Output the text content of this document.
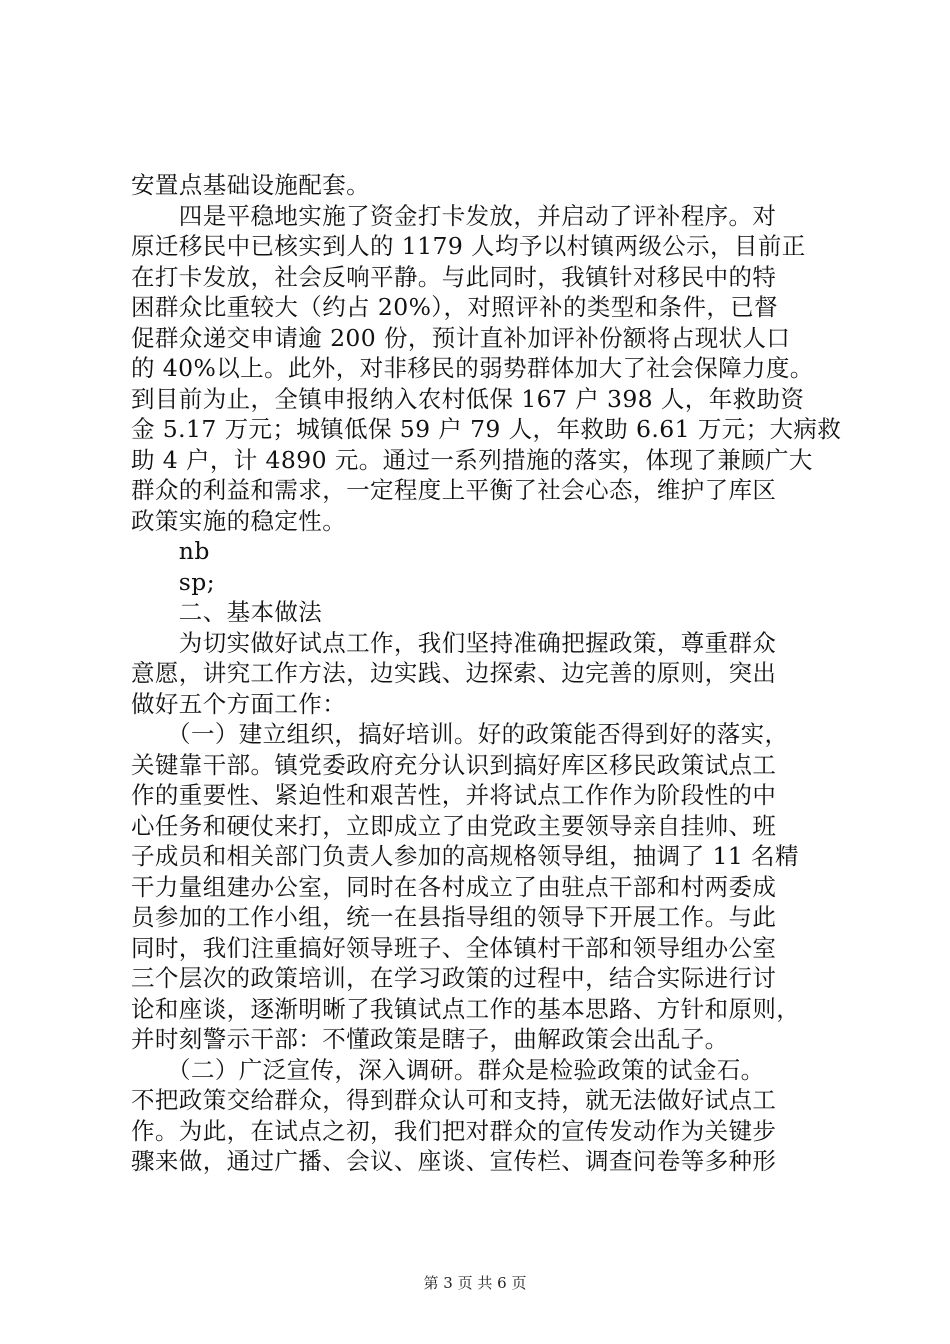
安置点基础设施配套。
　　四是平稳地实施了资金打卡发放，并启动了评补程序。对
原迁移民中已核实到人的 1179 人均予以村镇两级公示，目前正
在打卡发放，社会反响平静。与此同时，我镇针对移民中的特
困群众比重较大（约占 20%），对照评补的类型和条件，已督
促群众递交申请逾 200 份，预计直补加评补份额将占现状人口
的 40%以上。此外，对非移民的弱势群体加大了社会保障力度。
到目前为止，全镇申报纳入农村低保 167 户 398 人，年救助资
金 5.17 万元；城镇低保 59 户 79 人，年救助 6.61 万元；大病救
助 4 户，计 4890 元。通过一系列措施的落实，体现了兼顾广大
群众的利益和需求，一定程度上平衡了社会心态，维护了库区
政策实施的稳定性。
　　nb
　　sp;
　　二、基本做法
　　为切实做好试点工作，我们坚持准确把握政策，尊重群众
意愿，讲究工作方法，边实践、边探索、边完善的原则，突出
做好五个方面工作：
　　（一）建立组织，搞好培训。好的政策能否得到好的落实，
关键靠干部。镇党委政府充分认识到搞好库区移民政策试点工
作的重要性、紧迫性和艰苦性，并将试点工作作为阶段性的中
心任务和硬仗来打，立即成立了由党政主要领导亲自挂帅、班
子成员和相关部门负责人参加的高规格领导组，抽调了 11 名精
干力量组建办公室，同时在各村成立了由驻点干部和村两委成
员参加的工作小组，统一在县指导组的领导下开展工作。与此
同时，我们注重搞好领导班子、全体镇村干部和领导组办公室
三个层次的政策培训，在学习政策的过程中，结合实际进行讨
论和座谈，逐渐明晰了我镇试点工作的基本思路、方针和原则，
并时刻警示干部：不懂政策是瞎子，曲解政策会出乱子。
　　（二）广泛宣传，深入调研。群众是检验政策的试金石。
不把政策交给群众，得到群众认可和支持，就无法做好试点工
作。为此，在试点之初，我们把对群众的宣传发动作为关键步
骤来做，通过广播、会议、座谈、宣传栏、调查问卷等多种形
第 3 页 共 6 页
